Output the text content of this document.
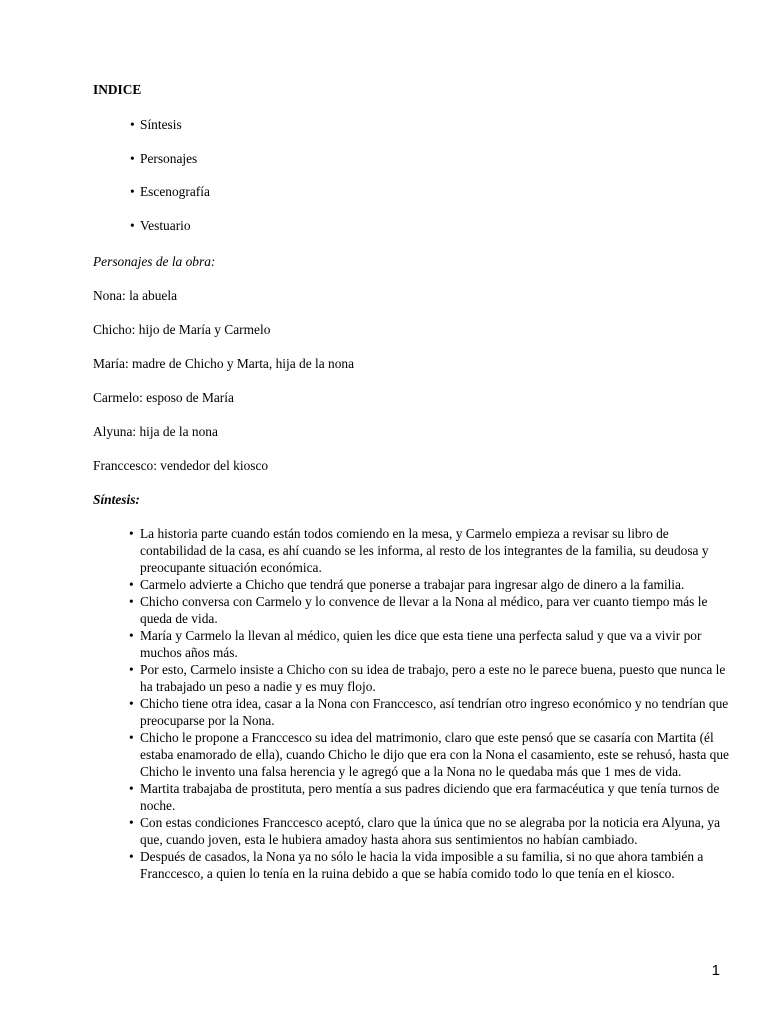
INDICE
• Síntesis
• Personajes
• Escenografía
• Vestuario
Personajes de la obra:
Nona: la abuela
Chicho: hijo de María y Carmelo
María: madre de Chicho y Marta, hija de la nona
Carmelo: esposo de María
Alyuna: hija de la nona
Franccesco: vendedor del kiosco
Síntesis:
• La historia parte cuando están todos comiendo en la mesa, y Carmelo empieza a revisar su libro de contabilidad de la casa, es ahí cuando se les informa, al resto de los integrantes de la familia, su deudosa y preocupante situación económica.
• Carmelo advierte a Chicho que tendrá que ponerse a trabajar para ingresar algo de dinero a la familia.
• Chicho conversa con Carmelo y lo convence de llevar a la Nona al médico, para ver cuanto tiempo más le queda de vida.
• María y Carmelo la llevan al médico, quien les dice que esta tiene una perfecta salud y que va a vivir por muchos años más.
• Por esto, Carmelo insiste a Chicho con su idea de trabajo, pero a este no le parece buena, puesto que nunca le ha trabajado un peso a nadie y es muy flojo.
• Chicho tiene otra idea, casar a la Nona con Franccesco, así tendrían otro ingreso económico y no tendrían que preocuparse por la Nona.
• Chicho le propone a Franccesco su idea del matrimonio, claro que este pensó que se casaría con Martita (él estaba enamorado de ella), cuando Chicho le dijo que era con la Nona el casamiento, este se rehusó, hasta que Chicho le invento una falsa herencia y le agregó que a la Nona no le quedaba más que 1 mes de vida.
• Martita trabajaba de prostituta, pero mentía a sus padres diciendo que era farmacéutica y que tenía turnos de noche.
• Con estas condiciones Franccesco aceptó, claro que la única que no se alegraba por la noticia era Alyuna, ya que, cuando joven, esta le hubiera amadoy hasta ahora sus sentimientos no habían cambiado.
• Después de casados, la Nona ya no sólo le hacia la vida imposible a su familia, si no que ahora también a Franccesco, a quien lo tenía en la ruina debido a que se había comido todo lo que tenía en el kiosco.
1
